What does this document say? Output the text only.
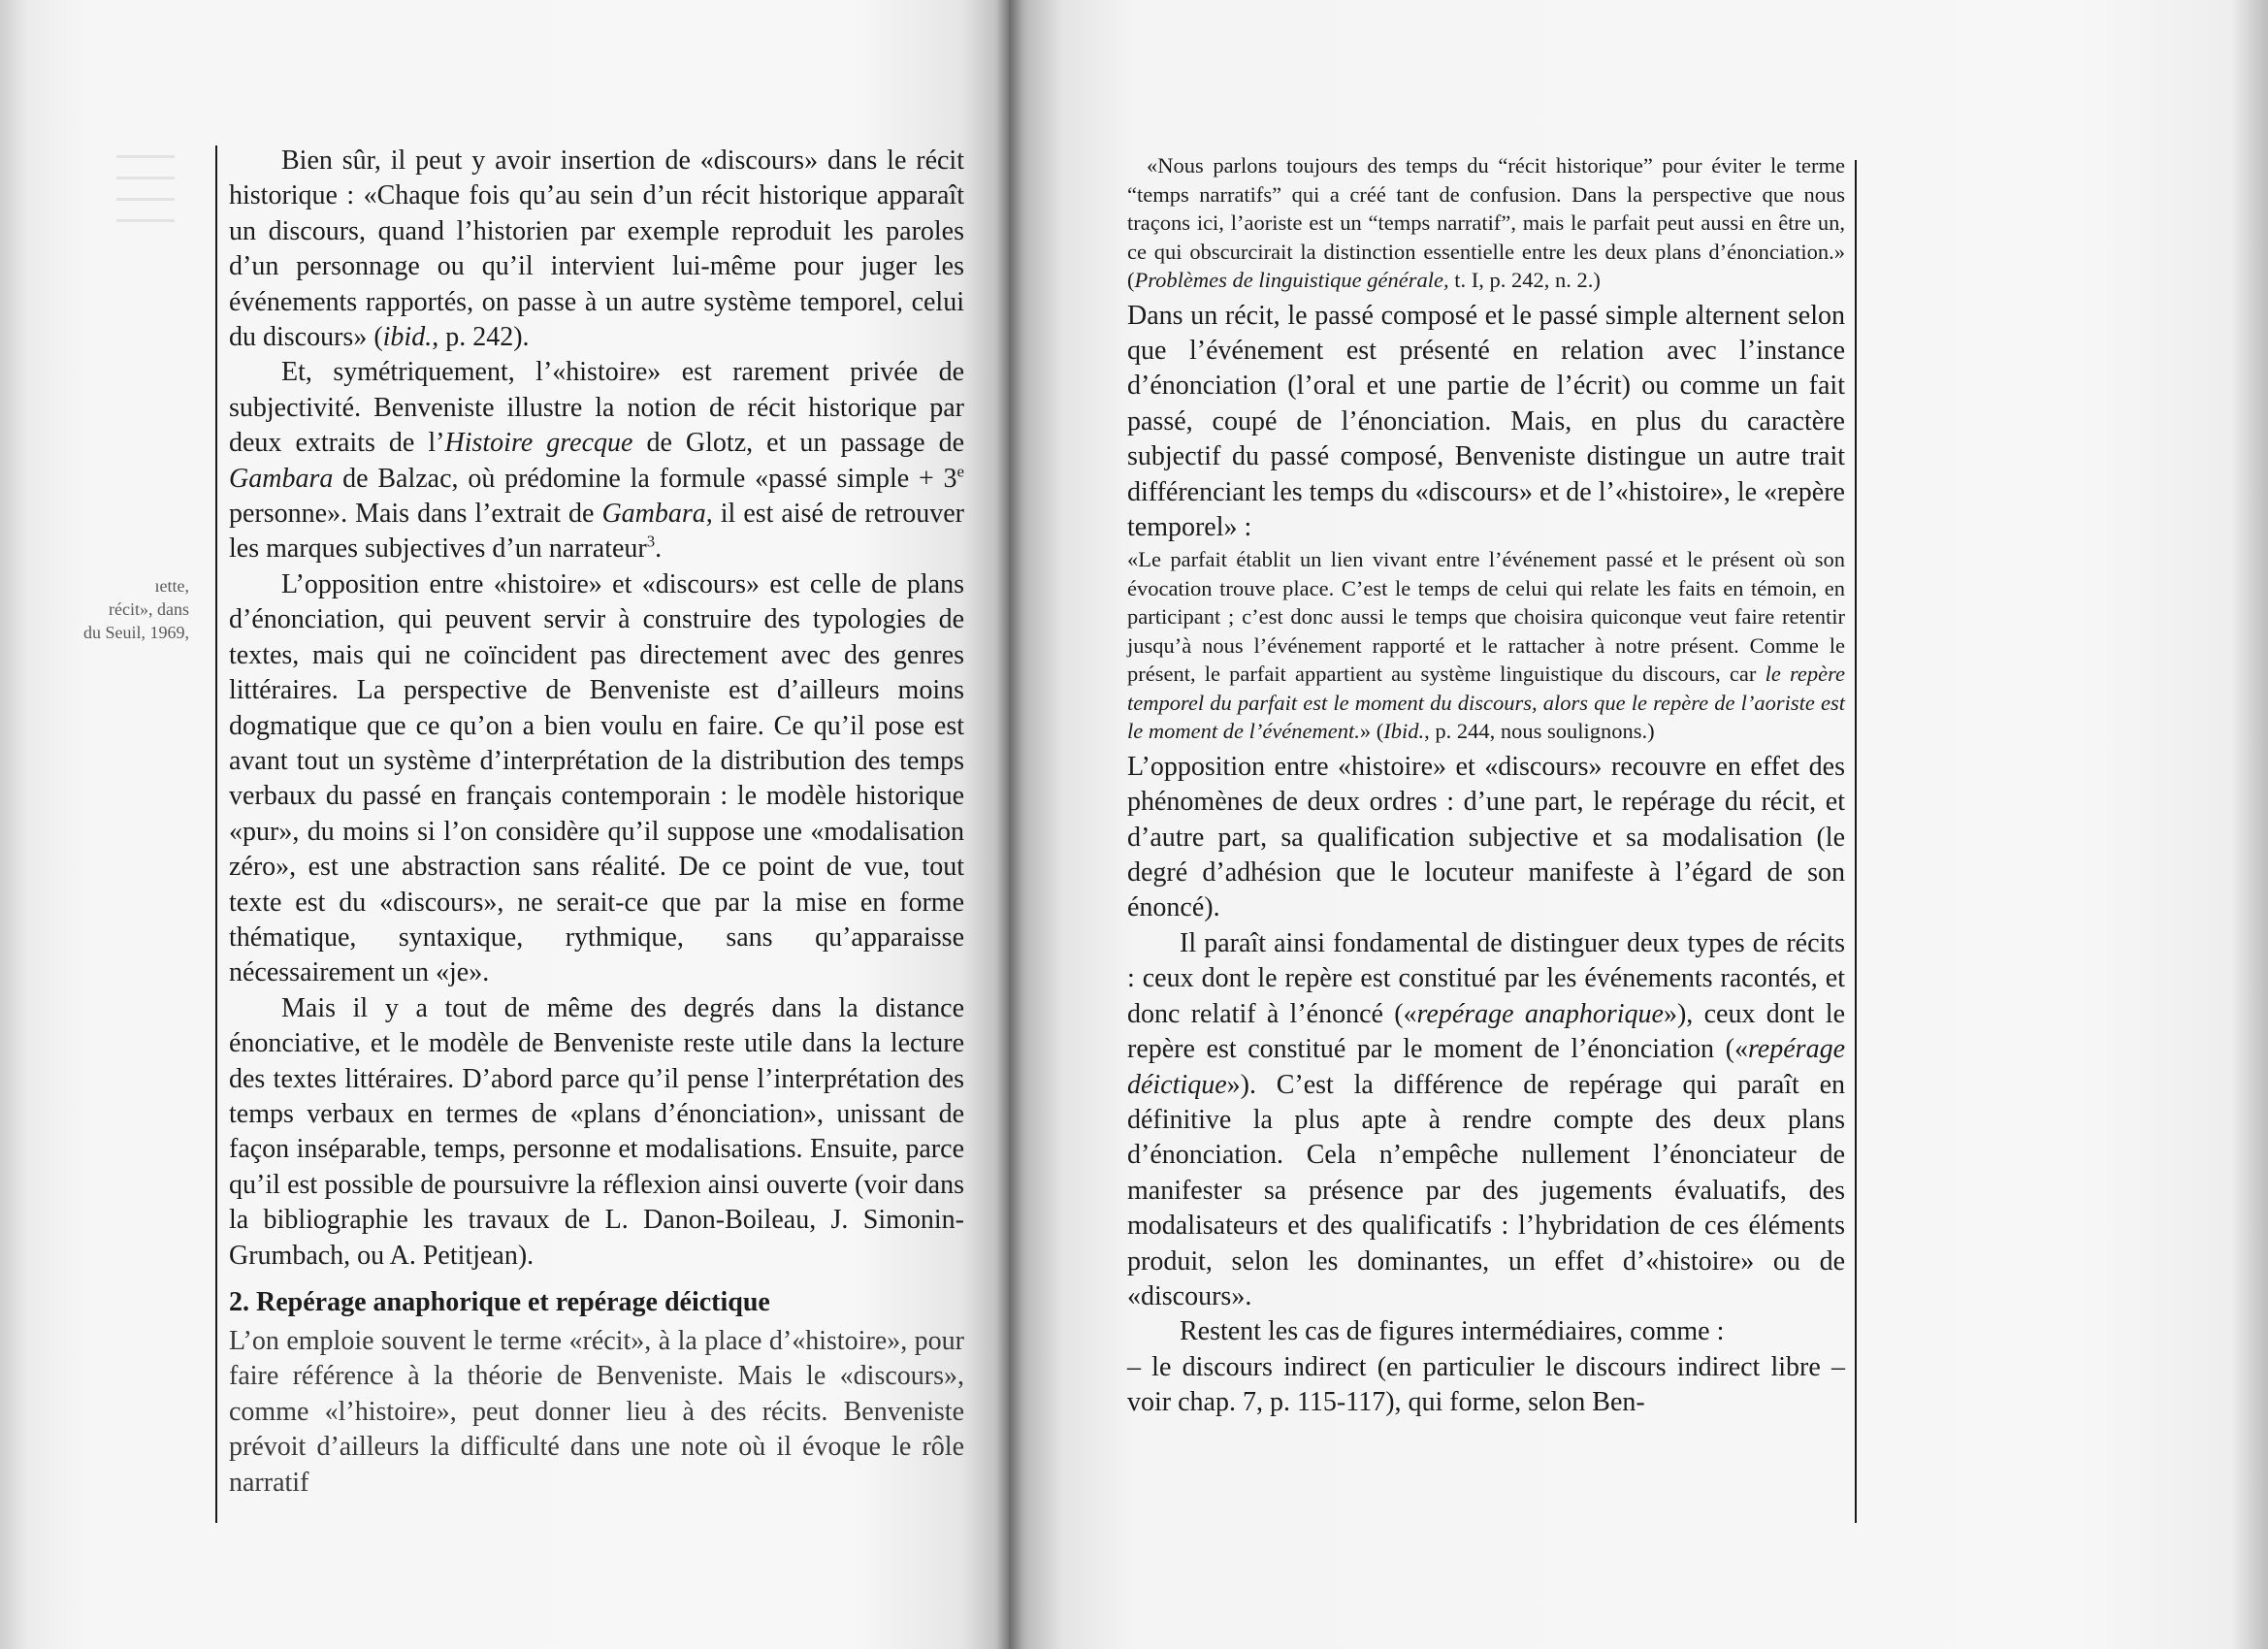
ıette,
récit», dans
du Seuil, 1969,

Bien sûr, il peut y avoir insertion de «discours» dans le récit historique : «Chaque fois qu’au sein d’un récit historique apparaît un discours, quand l’historien par exemple reproduit les paroles d’un personnage ou qu’il intervient lui-même pour juger les événements rapportés, on passe à un autre système temporel, celui du discours» (ibid., p. 242).

Et, symétriquement, l’«histoire» est rarement privée de subjectivité. Benveniste illustre la notion de récit historique par deux extraits de l’Histoire grecque de Glotz, et un passage de Gambara de Balzac, où prédomine la formule «passé simple + $3^e$ personne». Mais dans l’extrait de Gambara, il est aisé de retrouver les marques subjectives d’un narrateur$^3$.

L’opposition entre «histoire» et «discours» est celle de plans d’énonciation, qui peuvent servir à construire des typologies de textes, mais qui ne coïncident pas directement avec des genres littéraires. La perspective de Benveniste est d’ailleurs moins dogmatique que ce qu’on a bien voulu en faire. Ce qu’il pose est avant tout un système d’interprétation de la distribution des temps verbaux du passé en français contemporain : le modèle historique «pur», du moins si l’on considère qu’il suppose une «modalisation zéro», est une abstraction sans réalité. De ce point de vue, tout texte est du «discours», ne serait-ce que par la mise en forme thématique, syntaxique, rythmique, sans qu’apparaisse nécessairement un «je».

Mais il y a tout de même des degrés dans la distance énonciative, et le modèle de Benveniste reste utile dans la lecture des textes littéraires. D’abord parce qu’il pense l’interprétation des temps verbaux en termes de «plans d’énonciation», unissant de façon inséparable, temps, personne et modalisations. Ensuite, parce qu’il est possible de poursuivre la réflexion ainsi ouverte (voir dans la bibliographie les travaux de L. Danon-Boileau, J. Simonin-Grumbach, ou A. Petitjean).

2. Repérage anaphorique et repérage déictique

L’on emploie souvent le terme «récit», à la place d’«histoire», pour faire référence à la théorie de Benveniste. Mais le «discours», comme «l’histoire», peut donner lieu à des récits. Benveniste prévoit d’ailleurs la difficulté dans une note où il évoque le rôle narratif

«Nous parlons toujours des temps du “récit historique” pour éviter le terme “temps narratifs” qui a créé tant de confusion. Dans la perspective que nous traçons ici, l’aoriste est un “temps narratif”, mais le parfait peut aussi en être un, ce qui obscurcirait la distinction essentielle entre les deux plans d’énonciation.» (Problèmes de linguistique générale, t. I, p. 242, n. 2.)

Dans un récit, le passé composé et le passé simple alternent selon que l’événement est présenté en relation avec l’instance d’énonciation (l’oral et une partie de l’écrit) ou comme un fait passé, coupé de l’énonciation. Mais, en plus du caractère subjectif du passé composé, Benveniste distingue un autre trait différenciant les temps du «discours» et de l’«histoire», le «repère temporel» :

«Le parfait établit un lien vivant entre l’événement passé et le présent où son évocation trouve place. C’est le temps de celui qui relate les faits en témoin, en participant ; c’est donc aussi le temps que choisira quiconque veut faire retentir jusqu’à nous l’événement rapporté et le rattacher à notre présent. Comme le présent, le parfait appartient au système linguistique du discours, car le repère temporel du parfait est le moment du discours, alors que le repère de l’aoriste est le moment de l’événement.» (Ibid., p. 244, nous soulignons.)

L’opposition entre «histoire» et «discours» recouvre en effet des phénomènes de deux ordres : d’une part, le repérage du récit, et d’autre part, sa qualification subjective et sa modalisation (le degré d’adhésion que le locuteur manifeste à l’égard de son énoncé).

Il paraît ainsi fondamental de distinguer deux types de récits : ceux dont le repère est constitué par les événements racontés, et donc relatif à l’énoncé («repérage anaphorique»), ceux dont le repère est constitué par le moment de l’énonciation («repérage déictique»). C’est la différence de repérage qui paraît en définitive la plus apte à rendre compte des deux plans d’énonciation. Cela n’empêche nullement l’énonciateur de manifester sa présence par des jugements évaluatifs, des modalisateurs et des qualificatifs : l’hybridation de ces éléments produit, selon les dominantes, un effet d’«histoire» ou de «discours».

Restent les cas de figures intermédiaires, comme :

– le discours indirect (en particulier le discours indirect libre – voir chap. 7, p. 115-117), qui forme, selon Ben-
